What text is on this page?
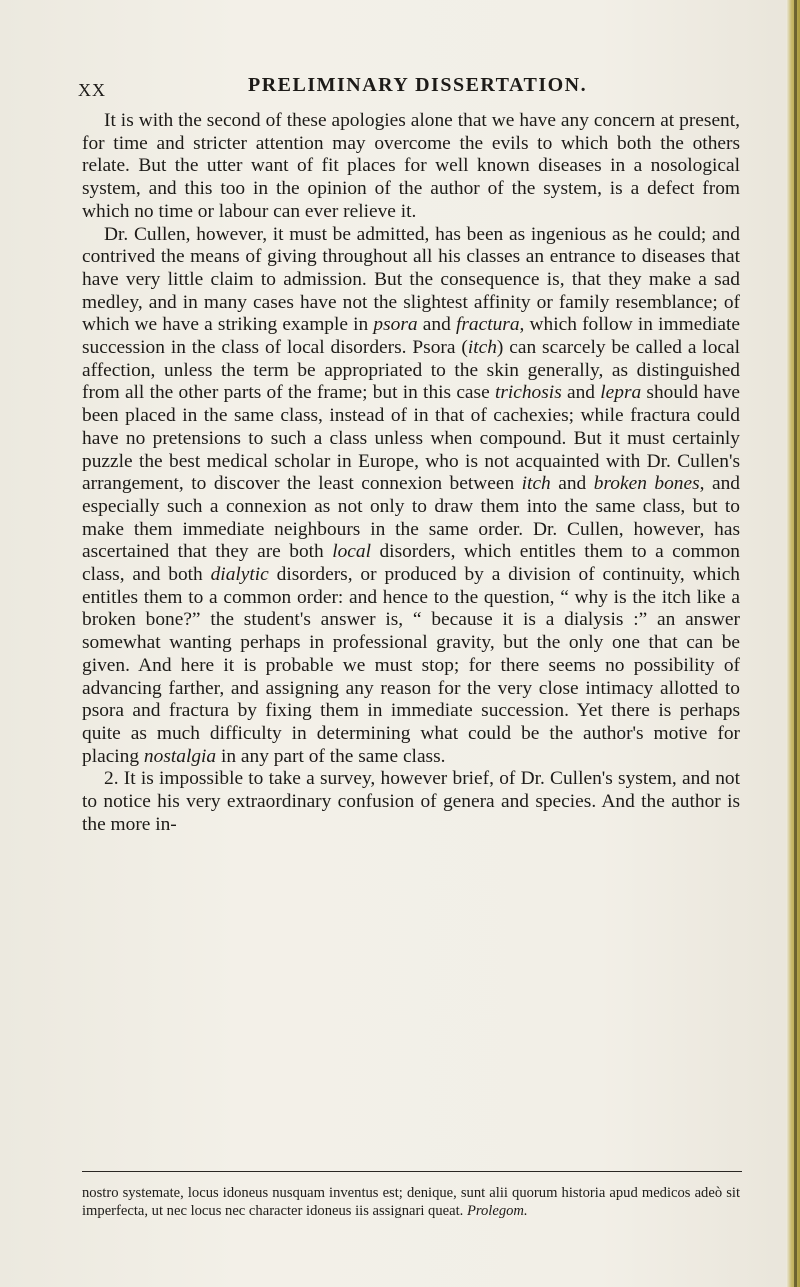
XX	PRELIMINARY DISSERTATION.

It is with the second of these apologies alone that we have any concern at present, for time and stricter attention may overcome the evils to which both the others relate. But the utter want of fit places for well known diseases in a nosological system, and this too in the opinion of the author of the system, is a defect from which no time or labour can ever relieve it.

Dr. Cullen, however, it must be admitted, has been as ingenious as he could; and contrived the means of giving throughout all his classes an entrance to diseases that have very little claim to admission. But the consequence is, that they make a sad medley, and in many cases have not the slightest affinity or family resemblance; of which we have a striking example in psora and fractura, which follow in immediate succession in the class of local disorders. Psora (itch) can scarcely be called a local affection, unless the term be appropriated to the skin generally, as distinguished from all the other parts of the frame; but in this case trichosis and lepra should have been placed in the same class, instead of in that of cachexies; while fractura could have no pretensions to such a class unless when compound. But it must certainly puzzle the best medical scholar in Europe, who is not acquainted with Dr. Cullen's arrangement, to discover the least connexion between itch and broken bones, and especially such a connexion as not only to draw them into the same class, but to make them immediate neighbours in the same order. Dr. Cullen, however, has ascertained that they are both local disorders, which entitles them to a common class, and both dialytic disorders, or produced by a division of continuity, which entitles them to a common order: and hence to the question, “ why is the itch like a broken bone?” the student's answer is, “ because it is a dialysis :” an answer somewhat wanting perhaps in professional gravity, but the only one that can be given. And here it is probable we must stop; for there seems no possibility of advancing farther, and assigning any reason for the very close intimacy allotted to psora and fractura by fixing them in immediate succession. Yet there is perhaps quite as much difficulty in determining what could be the author's motive for placing nostalgia in any part of the same class.

2. It is impossible to take a survey, however brief, of Dr. Cullen's system, and not to notice his very extraordinary confusion of genera and species. And the author is the more in-

nostro systemate, locus idoneus nusquam inventus est; denique, sunt alii quorum historia apud medicos adeò sit imperfecta, ut nec locus nec character idoneus iis assignari queat. Prolegom.
